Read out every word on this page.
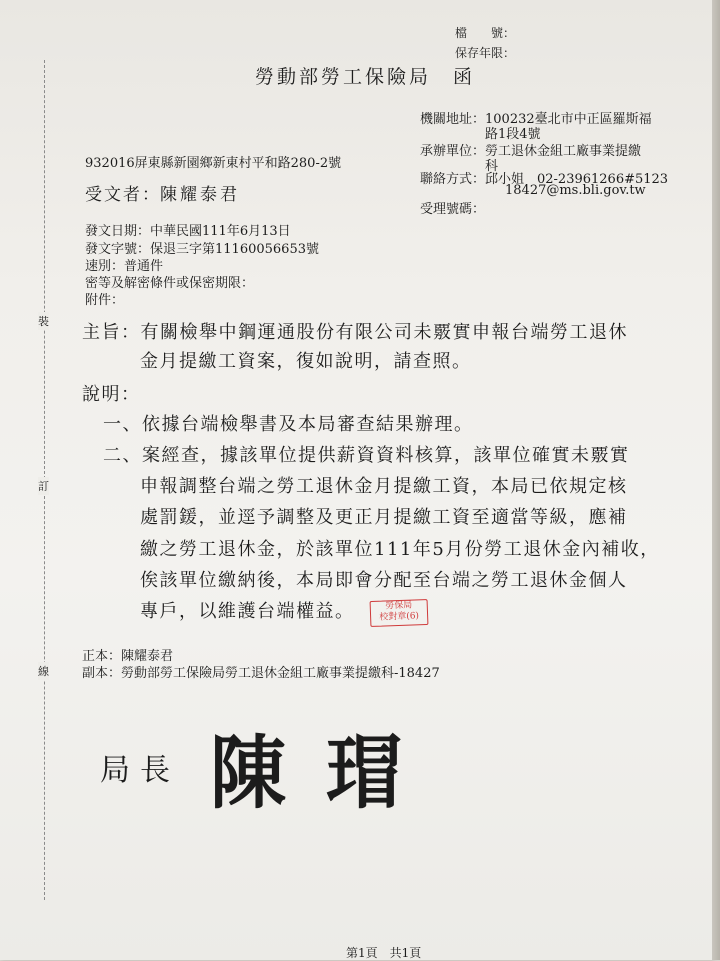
裝
訂
線
檔　　號：
保存年限：
勞動部勞工保險局　函
機關地址： 100232臺北市中正區羅斯福
路1段4號
承辦單位： 勞工退休金組工廠事業提繳
科
聯絡方式： 邱小姐　02-23961266#5123
18427@ms.bli.gov.tw
受理號碼：
932016屏東縣新園鄉新東村平和路280-2號
受文者： 陳耀泰君
發文日期：中華民國111年6月13日
發文字號：保退三字第11160056653號
速別：普通件
密等及解密條件或保密期限：
附件：
主旨：有關檢舉中鋼運通股份有限公司未覈實申報台端勞工退休
金月提繳工資案，復如說明，請查照。
說明：
一、依據台端檢舉書及本局審查結果辦理。
二、案經查，據該單位提供薪資資料核算，該單位確實未覈實
申報調整台端之勞工退休金月提繳工資，本局已依規定核
處罰鍰，並逕予調整及更正月提繳工資至適當等級，應補
繳之勞工退休金，於該單位111年5月份勞工退休金內補收，
俟該單位繳納後，本局即會分配至台端之勞工退休金個人
專戶，以維護台端權益。	勞保局
校對章(6)
正本：陳耀泰君
副本：勞動部勞工保險局勞工退休金組工廠事業提繳科-18427
局長 陳瑁
第1頁　共1頁
